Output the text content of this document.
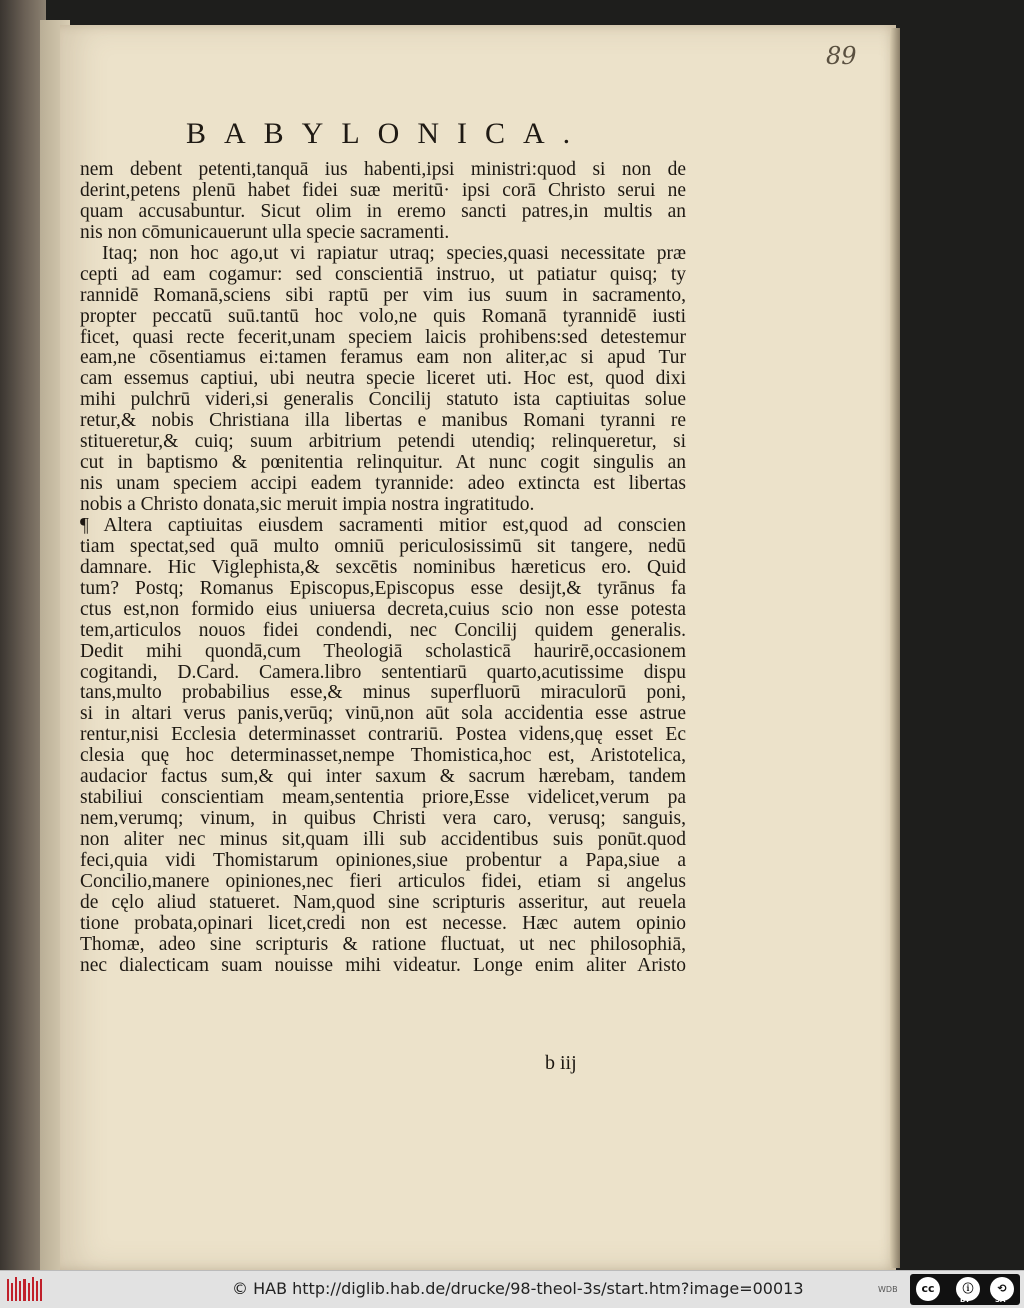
89
BABYLONICA.
nem debent petenti,tanquā ius habenti,ipsi ministri:quod si non de
derint,petens plenū habet fidei suæ meritū· ipsi corā Christo serui ne
quam accusabuntur. Sicut olim in eremo sancti patres,in multis an
nis non cōmunicauerunt ulla specie sacramenti.
Itaq; non hoc ago,ut vi rapiatur utraq; species,quasi necessitate præ
cepti ad eam cogamur: sed conscientiā instruo, ut patiatur quisq; ty
rannidē Romanā,sciens sibi raptū per vim ius suum in sacramento,
propter peccatū suū.tantū hoc volo,ne quis Romanā tyrannidē iusti
ficet, quasi recte fecerit,unam speciem laicis prohibens:sed detestemur
eam,ne cōsentiamus ei:tamen feramus eam non aliter,ac si apud Tur
cam essemus captiui, ubi neutra specie liceret uti. Hoc est, quod dixi
mihi pulchrū videri,si generalis Concilij statuto ista captiuitas solue
retur,& nobis Christiana illa libertas e manibus Romani tyranni re
stitueretur,& cuiq; suum arbitrium petendi utendiq; relinqueretur, si
cut in baptismo & pœnitentia relinquitur. At nunc cogit singulis an
nis unam speciem accipi eadem tyrannide: adeo extincta est libertas
nobis a Christo donata,sic meruit impia nostra ingratitudo.
¶ Altera captiuitas eiusdem sacramenti mitior est,quod ad conscien
tiam spectat,sed quā multo omniū periculosissimū sit tangere, nedū
damnare. Hic Viglephista,& sexcētis nominibus hæreticus ero. Quid
tum? Postq; Romanus Episcopus,Episcopus esse desijt,& tyrānus fa
ctus est,non formido eius uniuersa decreta,cuius scio non esse potesta
tem,articulos nouos fidei condendi, nec Concilij quidem generalis.
Dedit mihi quondā,cum Theologiā scholasticā haurirē,occasionem
cogitandi, D.Card. Camera.libro sententiarū quarto,acutissime dispu
tans,multo probabilius esse,& minus superfluorū miraculorū poni,
si in altari verus panis,verūq; vinū,non aūt sola accidentia esse astrue
rentur,nisi Ecclesia determinasset contrariū. Postea videns,quę esset Ec
clesia quę hoc determinasset,nempe Thomistica,hoc est, Aristotelica,
audacior factus sum,& qui inter saxum & sacrum hærebam, tandem
stabiliui conscientiam meam,sententia priore,Esse videlicet,verum pa
nem,verumq; vinum, in quibus Christi vera caro, verusq; sanguis,
non aliter nec minus sit,quam illi sub accidentibus suis ponūt.quod
feci,quia vidi Thomistarum opiniones,siue probentur a Papa,siue a
Concilio,manere opiniones,nec fieri articulos fidei, etiam si angelus
de cęlo aliud statueret. Nam,quod sine scripturis asseritur, aut reuela
tione probata,opinari licet,credi non est necesse. Hæc autem opinio
Thomæ, adeo sine scripturis & ratione fluctuat, ut nec philosophiā,
nec dialecticam suam nouisse mihi videatur. Longe enim aliter Aristo
b iij
© HAB http://diglib.hab.de/drucke/98-theol-3s/start.htm?image=00013	WDB	cc	ⓘ	⟲
BY	SA
